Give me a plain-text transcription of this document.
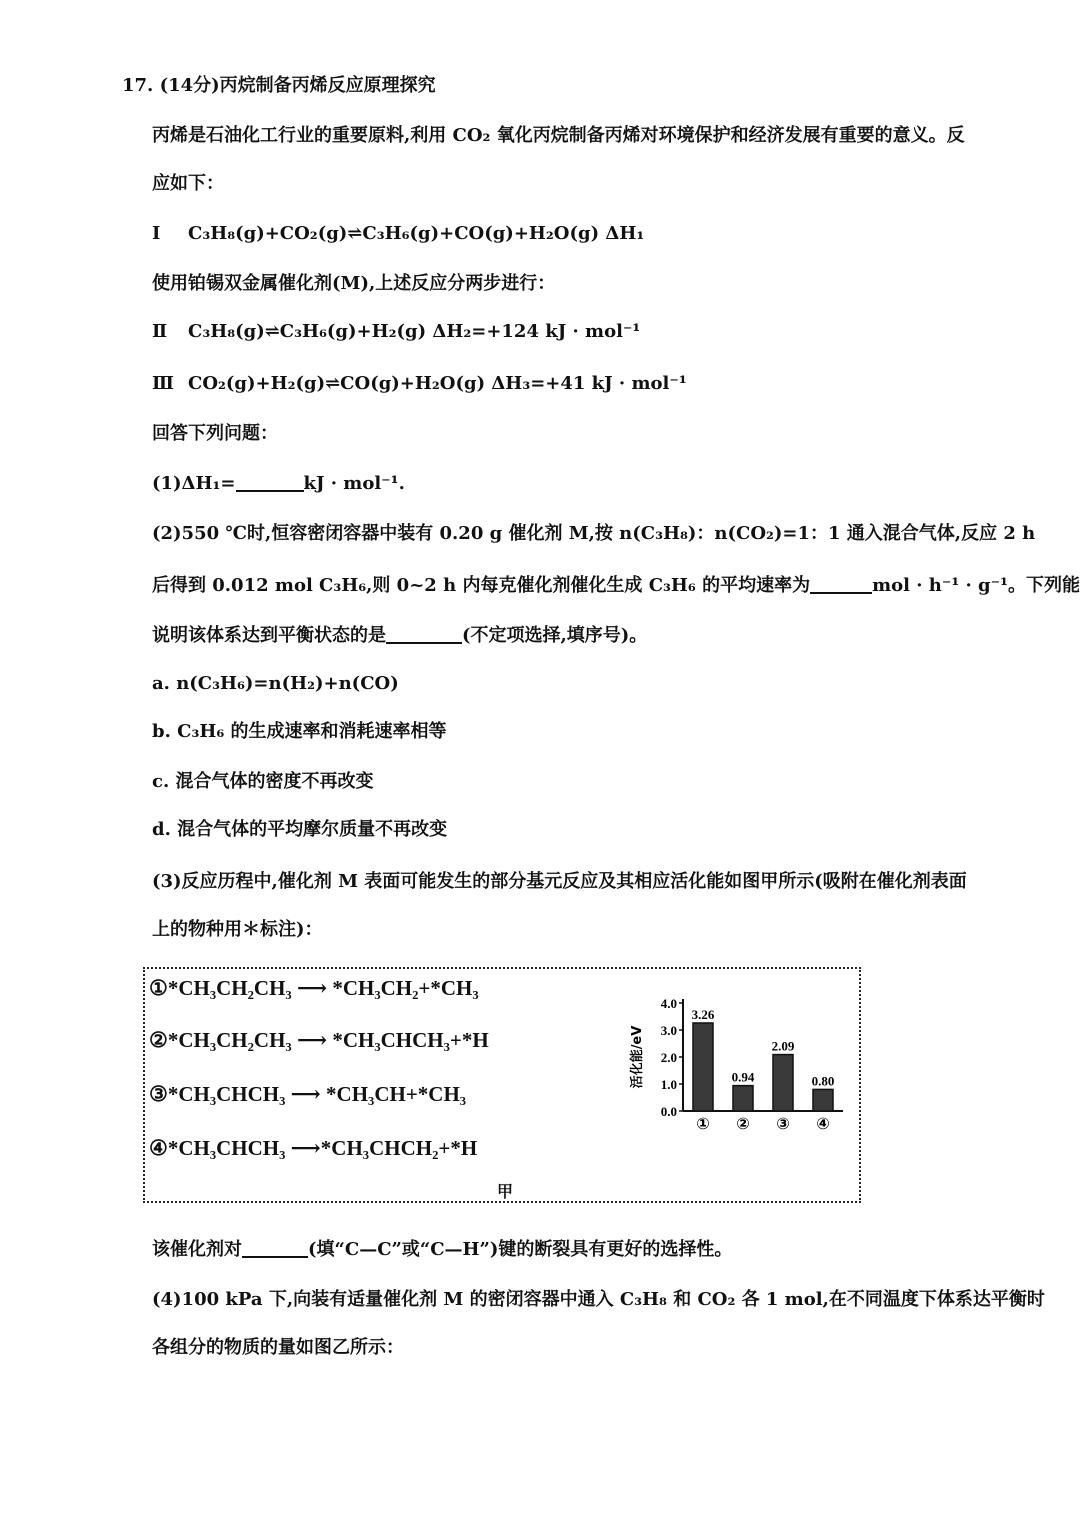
17. (14分)丙烷制备丙烯反应原理探究
丙烯是石油化工行业的重要原料,利用 CO₂ 氧化丙烷制备丙烯对环境保护和经济发展有重要的意义。反
应如下：
Ⅰ C₃H₈(g)+CO₂(g)⇌C₃H₆(g)+CO(g)+H₂O(g) ΔH₁
使用铂锡双金属催化剂(M),上述反应分两步进行：
Ⅱ C₃H₈(g)⇌C₃H₆(g)+H₂(g) ΔH₂=+124 kJ · mol⁻¹
Ⅲ CO₂(g)+H₂(g)⇌CO(g)+H₂O(g) ΔH₃=+41 kJ · mol⁻¹
回答下列问题：
(1)ΔH₁=	kJ · mol⁻¹.
(2)550 ℃时,恒容密闭容器中装有 0.20 g 催化剂 M,按 n(C₃H₈)：n(CO₂)=1：1 通入混合气体,反应 2 h
后得到 0.012 mol C₃H₆,则 0~2 h 内每克催化剂催化生成 C₃H₆ 的平均速率为	mol · h⁻¹ · g⁻¹。下列能
说明该体系达到平衡状态的是	(不定项选择,填序号)。
a. n(C₃H₆)=n(H₂)+n(CO)
b. C₃H₆ 的生成速率和消耗速率相等
c. 混合气体的密度不再改变
d. 混合气体的平均摩尔质量不再改变
(3)反应历程中,催化剂 M 表面可能发生的部分基元反应及其相应活化能如图甲所示(吸附在催化剂表面
上的物种用＊标注)：
①*CH₃CH₂CH₃ ⟶ *CH₃CH₂+*CH₃
②*CH₃CH₂CH₃ ⟶ *CH₃CHCH₃+*H
③*CH₃CHCH₃ ⟶ *CH₃CH+*CH₃
④*CH₃CHCH₃ ⟶*CH₃CHCH₂+*H
0.0
1.0
2.0
3.0
4.0
活化能/eV
3.26
①
0.94
②
2.09
③
0.80
④
甲
该催化剂对	(填“C—C”或“C—H”)键的断裂具有更好的选择性。
(4)100 kPa 下,向装有适量催化剂 M 的密闭容器中通入 C₃H₈ 和 CO₂ 各 1 mol,在不同温度下体系达平衡时
各组分的物质的量如图乙所示：
